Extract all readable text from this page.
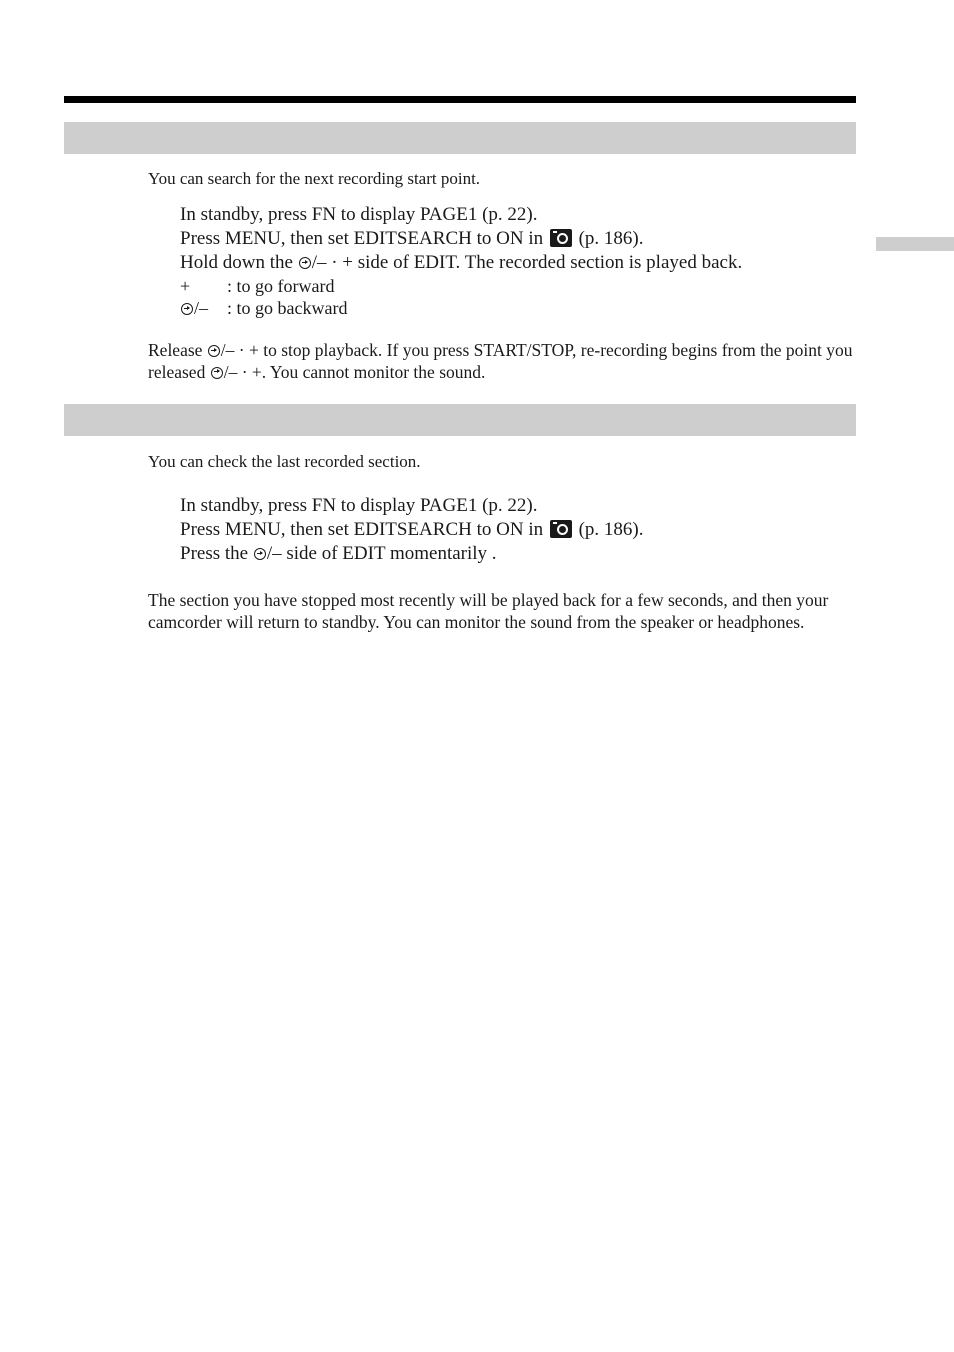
You can search for the next recording start point.
In standby, press FN to display PAGE1 (p. 22).
Press MENU, then set EDITSEARCH to ON in  (p. 186).
Hold down the /– · + side of EDIT. The recorded section is played back.
+	: to go forward
/–	: to go backward
Release /– · + to stop playback. If you press START/STOP, re-recording begins from the point you released /– · +. You cannot monitor the sound.
You can check the last recorded section.
In standby, press FN to display PAGE1 (p. 22).
Press MENU, then set EDITSEARCH to ON in  (p. 186).
Press the /– side of EDIT momentarily .
The section you have stopped most recently will be played back for a few seconds, and then your camcorder will return to standby. You can monitor the sound from the speaker or headphones.
